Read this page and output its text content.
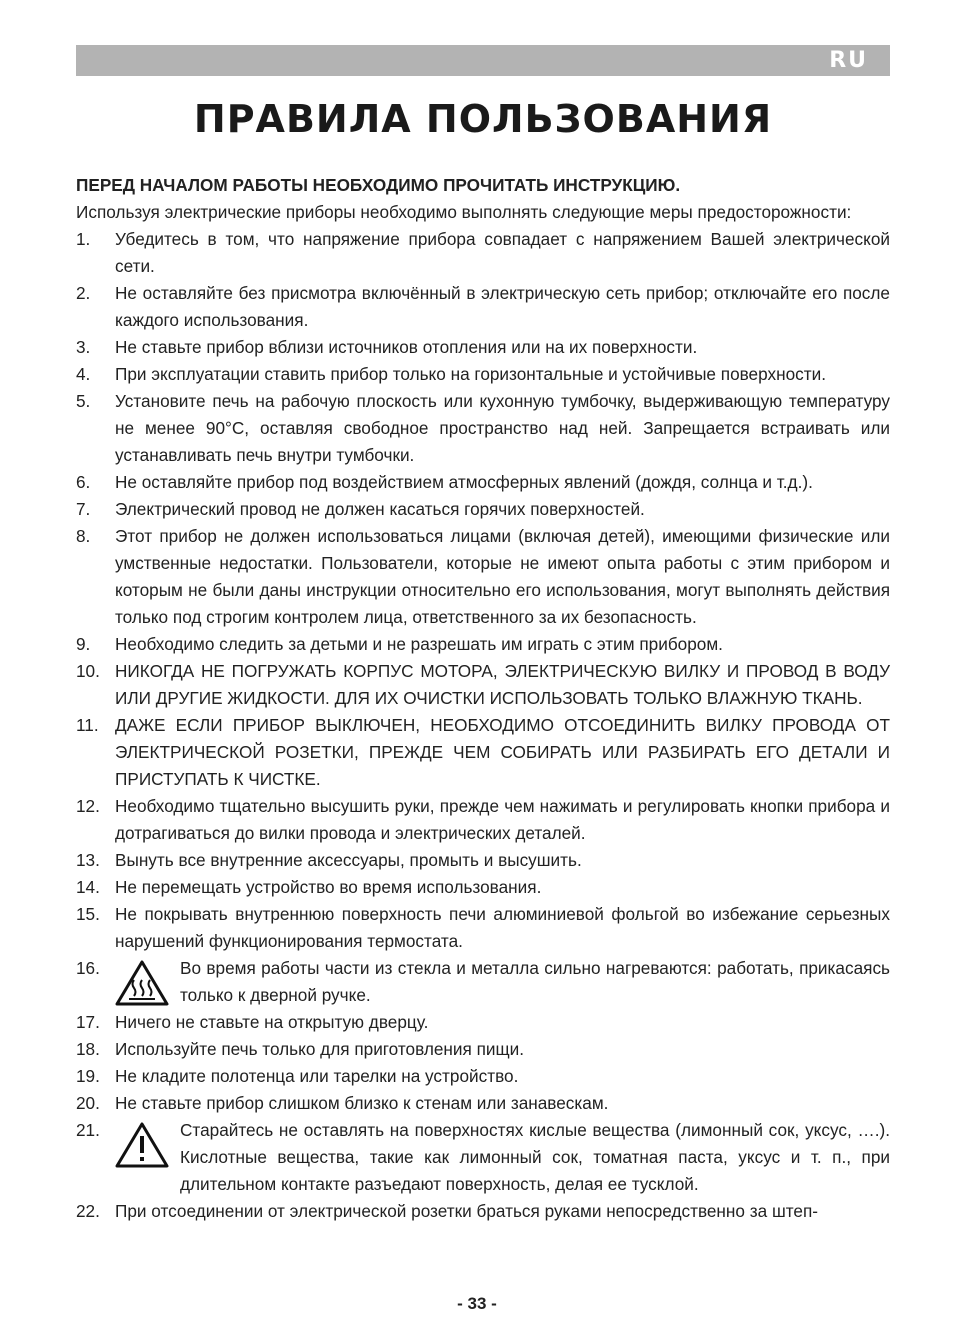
RU
ПРАВИЛА ПОЛЬЗОВАНИЯ

ПЕРЕД НАЧАЛОМ РАБОТЫ НЕОБХОДИМО ПРОЧИТАТЬ ИНСТРУКЦИЮ.

Используя электрические приборы необходимо выполнять следующие меры предосторожности:

1. Убедитесь в том, что напряжение прибора совпадает с напряжением Вашей электрической сети.
2. Не оставляйте без присмотра включённый в электрическую сеть прибор; отключайте его после каждого использования.
3. Не ставьте прибор вблизи источников отопления или на их поверхности.
4. При эксплуатации ставить прибор только на горизонтальные и устойчивые поверхности.
5. Установите печь на рабочую плоскость или кухонную тумбочку, выдерживающую температуру не менее 90°С, оставляя свободное пространство над ней. Запрещается встраивать или устанавливать печь внутри тумбочки.
6. Не оставляйте прибор под воздействием атмосферных явлений (дождя, солнца и т.д.).
7. Электрический провод не должен касаться горячих поверхностей.
8. Этот прибор не должен использоваться лицами (включая детей), имеющими физические или умственные недостатки. Пользователи, которые не имеют опыта работы с этим прибором и которым не были даны инструкции относительно его использования, могут выполнять действия только под строгим контролем лица, ответственного за их безопасность.
9. Необходимо следить за детьми и не разрешать им играть с этим прибором.
10. НИКОГДА НЕ ПОГРУЖАТЬ КОРПУС МОТОРА, ЭЛЕКТРИЧЕСКУЮ ВИЛКУ И ПРОВОД В ВОДУ ИЛИ ДРУГИЕ ЖИДКОСТИ. ДЛЯ ИХ ОЧИСТКИ ИСПОЛЬЗОВАТЬ ТОЛЬКО ВЛАЖНУЮ ТКАНЬ.
11. ДАЖЕ ЕСЛИ ПРИБОР ВЫКЛЮЧЕН, НЕОБХОДИМО ОТСОЕДИНИТЬ ВИЛКУ ПРОВОДА ОТ ЭЛЕКТРИЧЕСКОЙ РОЗЕТКИ, ПРЕЖДЕ ЧЕМ СОБИРАТЬ ИЛИ РАЗБИРАТЬ ЕГО ДЕТАЛИ И ПРИСТУПАТЬ К ЧИСТКЕ.
12. Необходимо тщательно высушить руки, прежде чем нажимать и регулировать кнопки прибора и дотрагиваться до вилки провода и электрических деталей.
13. Вынуть все внутренние аксессуары, промыть и высушить.
14. Не перемещать устройство во время использования.
15. Не покрывать внутреннюю поверхность печи алюминиевой фольгой во избежание серьезных нарушений функционирования термостата.
16.	Во время работы части из стекла и металла сильно нагреваются: работать, прикасаясь только к дверной ручке.
17. Ничего не ставьте на открытую дверцу.
18. Используйте печь только для приготовления пищи.
19. Не кладите полотенца или тарелки на устройство.
20. Не ставьте прибор слишком близко к стенам или занавескам.
21.	Старайтесь не оставлять на поверхностях кислые вещества (лимонный сок, уксус, ….). Кислотные вещества, такие как лимонный сок, томатная паста, уксус и т. п., при длительном контакте разъедают поверхность, делая ее тусклой.
22. При отсоединении от электрической розетки браться руками непосредственно за штеп-
- 33 -
